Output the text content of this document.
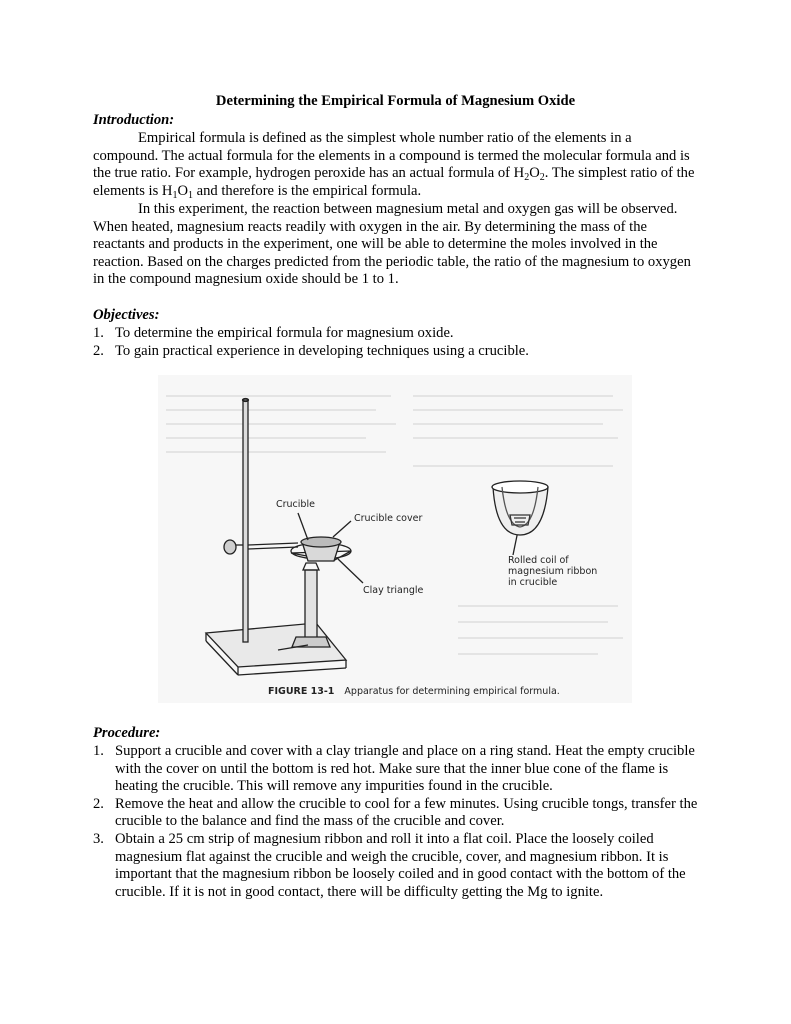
Determining the Empirical Formula of Magnesium Oxide
Introduction:
Empirical formula is defined as the simplest whole number ratio of the elements in a compound. The actual formula for the elements in a compound is termed the molecular formula and is the true ratio. For example, hydrogen peroxide has an actual formula of $H_2O_2$. The simplest ratio of the elements is $H_1O_1$ and therefore is the empirical formula.
In this experiment, the reaction between magnesium metal and oxygen gas will be observed. When heated, magnesium reacts readily with oxygen in the air. By determining the mass of the reactants and products in the experiment, one will be able to determine the moles involved in the reaction. Based on the charges predicted from the periodic table, the ratio of the magnesium to oxygen in the compound magnesium oxide should be 1 to 1.
Objectives:
1. To determine the empirical formula for magnesium oxide.
2. To gain practical experience in developing techniques using a crucible.
Crucible
Crucible cover
Clay triangle
Rolled coil of
magnesium ribbon
in crucible
FIGURE 13-1 Apparatus for determining empirical formula.
Procedure:
1. Support a crucible and cover with a clay triangle and place on a ring stand. Heat the empty crucible with the cover on until the bottom is red hot. Make sure that the inner blue cone of the flame is heating the crucible. This will remove any impurities found in the crucible.
2. Remove the heat and allow the crucible to cool for a few minutes. Using crucible tongs, transfer the crucible to the balance and find the mass of the crucible and cover.
3. Obtain a 25 cm strip of magnesium ribbon and roll it into a flat coil. Place the loosely coiled magnesium flat against the crucible and weigh the crucible, cover, and magnesium ribbon. It is important that the magnesium ribbon be loosely coiled and in good contact with the bottom of the crucible. If it is not in good contact, there will be difficulty getting the Mg to ignite.
